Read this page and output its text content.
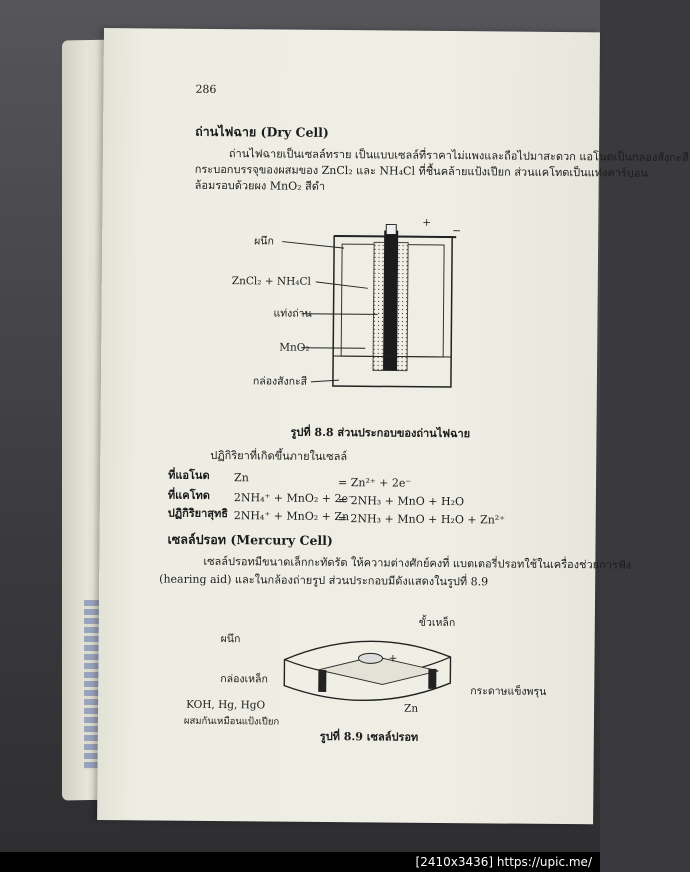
286
ถ่านไฟฉาย (Dry Cell)
ถ่านไฟฉายเป็นเซลล์ทราย เป็นแบบเซลล์ที่ราคาไม่แพงและถือไปมาสะดวก แอโนดเป็นกล่องสังกะสี
กระบอกบรรจุของผสมของ ZnCl₂ และ NH₄Cl ที่ชื้นคล้ายแป้งเปียก ส่วนแคโทดเป็นแท่งคาร์บอน
ล้อมรอบด้วยผง MnO₂ สีดำ
+
−
ผนึก
ZnCl₂ + NH₄Cl
แท่งถ่าน
MnO₂
กล่องสังกะสี
รูปที่ 8.8 ส่วนประกอบของถ่านไฟฉาย
ปฏิกิริยาที่เกิดขึ้นภายในเซลล์
ที่แอโนด Zn	= Zn²⁺ + 2e⁻
ที่แคโทด 2NH₄⁺ + MnO₂ + 2e⁻
= 2NH₃ + MnO + H₂O
ปฏิกิริยาสุทธิ 2NH₄⁺ + MnO₂ + Zn
= 2NH₃ + MnO + H₂O + Zn²⁺
เซลล์ปรอท (Mercury Cell)
เซลล์ปรอทมีขนาดเล็กกะทัดรัด ให้ความต่างศักย์คงที่ แบตเตอรี่ปรอทใช้ในเครื่องช่วยการฟัง
(hearing aid) และในกล้องถ่ายรูป ส่วนประกอบมีดังแสดงในรูปที่ 8.9
ผนึก
ขั้วเหล็ก
+
กล่องเหล็ก
KOH, Hg, HgO
ผสมกันเหมือนแป้งเปียก
กระดาษแข็งพรุน
Zn
รูปที่ 8.9 เซลล์ปรอท
[2410x3436] https://upic.me/
